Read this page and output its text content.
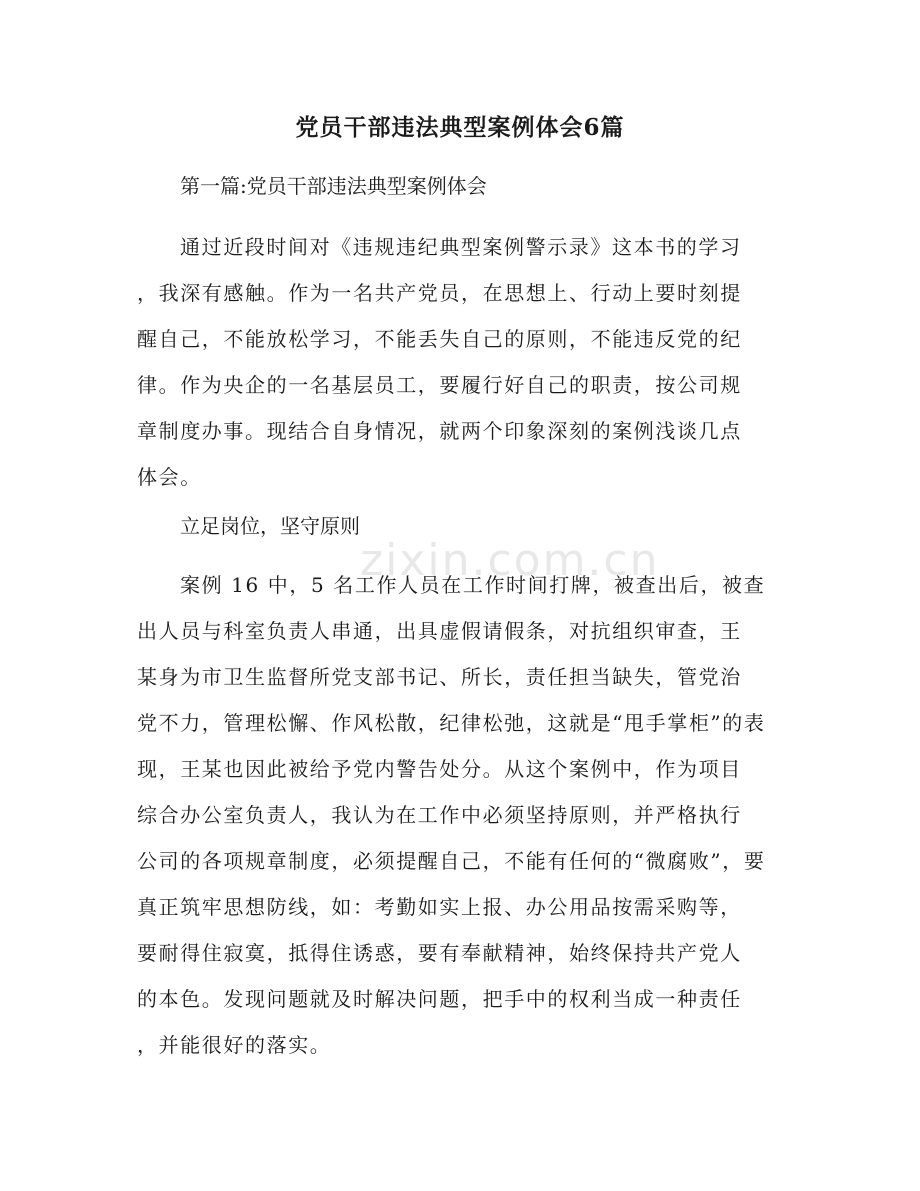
zixin.com.cn
党员干部违法典型案例体会6篇
第一篇:党员干部违法典型案例体会
通过近段时间对《违规违纪典型案例警示录》这本书的学习
，我深有感触。作为一名共产党员，在思想上、行动上要时刻提
醒自己，不能放松学习，不能丢失自己的原则，不能违反党的纪
律。作为央企的一名基层员工，要履行好自己的职责，按公司规
章制度办事。现结合自身情况，就两个印象深刻的案例浅谈几点
体会。
立足岗位，坚守原则
案例 16 中，5 名工作人员在工作时间打牌，被查出后，被查
出人员与科室负责人串通，出具虚假请假条，对抗组织审查，王
某身为市卫生监督所党支部书记、所长，责任担当缺失，管党治
党不力，管理松懈、作风松散，纪律松弛，这就是“甩手掌柜”的表
现，王某也因此被给予党内警告处分。从这个案例中，作为项目
综合办公室负责人，我认为在工作中必须坚持原则，并严格执行
公司的各项规章制度，必须提醒自己，不能有任何的“微腐败”，要
真正筑牢思想防线，如：考勤如实上报、办公用品按需采购等，
要耐得住寂寞，抵得住诱惑，要有奉献精神，始终保持共产党人
的本色。发现问题就及时解决问题，把手中的权利当成一种责任
，并能很好的落实。
